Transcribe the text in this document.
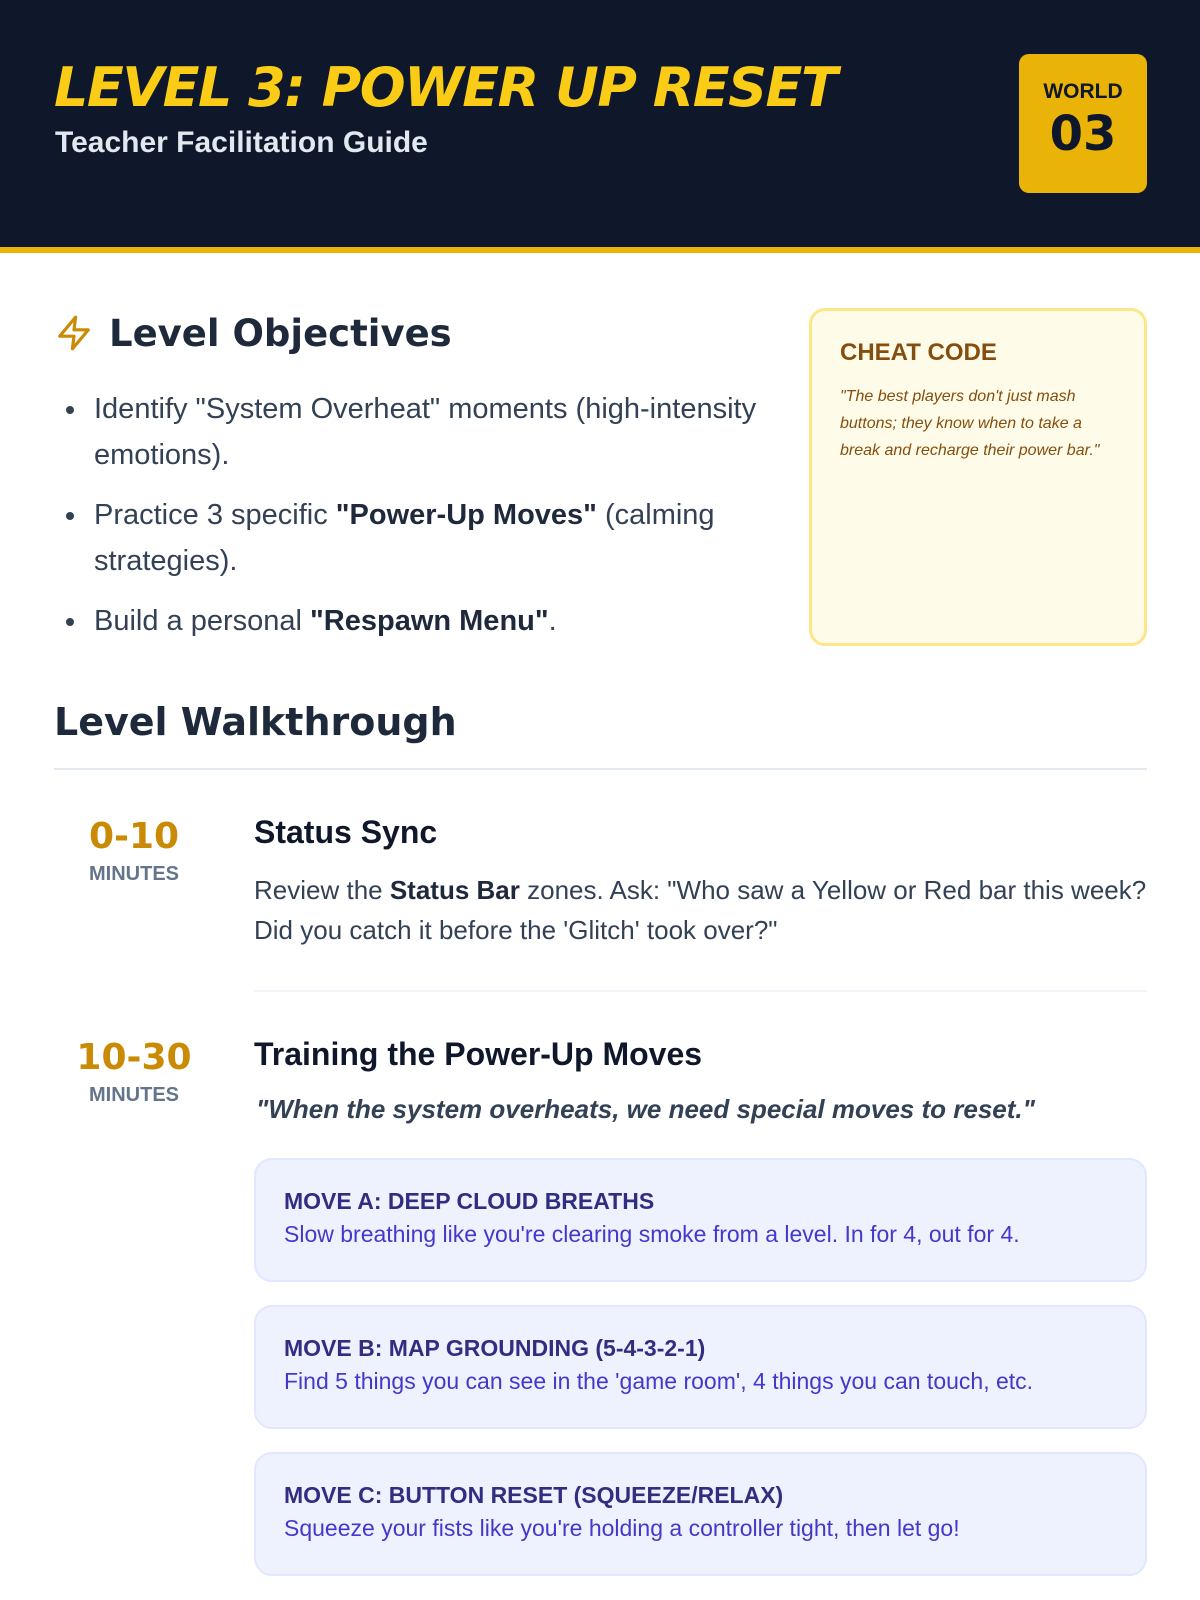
LEVEL 3: POWER UP RESET
Teacher Facilitation Guide
WORLD
03
Level Objectives
Identify "System Overheat" moments (high-intensity emotions).
Practice 3 specific "Power-Up Moves" (calming strategies).
Build a personal "Respawn Menu".
CHEAT CODE
"The best players don't just mash buttons; they know when to take a break and recharge their power bar."
Level Walkthrough
0-10
MINUTES
Status Sync
Review the Status Bar zones. Ask: "Who saw a Yellow or Red bar this week? Did you catch it before the 'Glitch' took over?"
10-30
MINUTES
Training the Power-Up Moves
"When the system overheats, we need special moves to reset."
MOVE A: DEEP CLOUD BREATHS
Slow breathing like you're clearing smoke from a level. In for 4, out for 4.
MOVE B: MAP GROUNDING (5-4-3-2-1)
Find 5 things you can see in the 'game room', 4 things you can touch, etc.
MOVE C: BUTTON RESET (SQUEEZE/RELAX)
Squeeze your fists like you're holding a controller tight, then let go!
